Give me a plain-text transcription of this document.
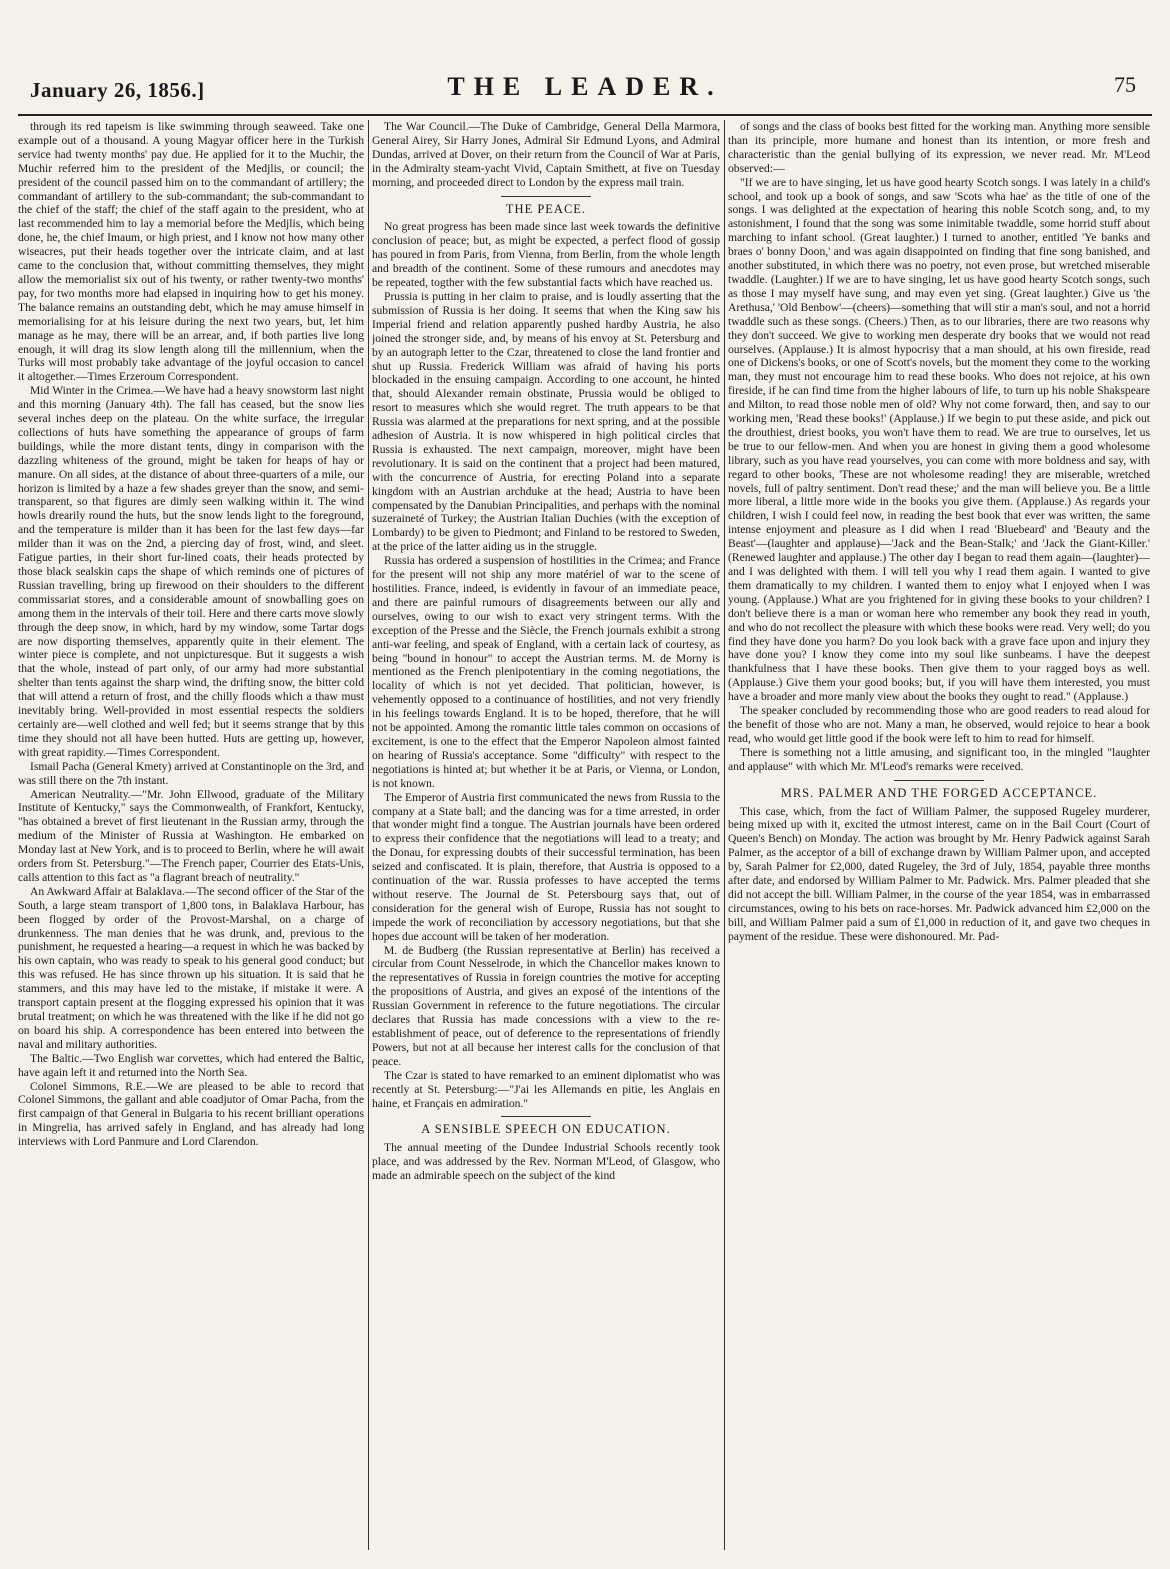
January 26, 1856.]	THE LEADER.	75

through its red tapeism is like swimming through seaweed. Take one example out of a thousand. A young Magyar officer here in the Turkish service had twenty months' pay due. He applied for it to the Muchir, the Muchir referred him to the president of the Medjlis, or council; the president of the council passed him on to the commandant of artillery; the commandant of artillery to the sub-commandant; the sub-commandant to the chief of the staff; the chief of the staff again to the president, who at last recommended him to lay a memorial before the Medjlis, which being done, he, the chief Imaum, or high priest, and I know not how many other wiseacres, put their heads together over the intricate claim, and at last came to the conclusion that, without committing themselves, they might allow the memorialist six out of his twenty, or rather twenty-two months' pay, for two months more had elapsed in inquiring how to get his money. The balance remains an outstanding debt, which he may amuse himself in memorialising for at his leisure during the next two years, but, let him manage as he may, there will be an arrear, and, if both parties live long enough, it will drag its slow length along till the millennium, when the Turks will most probably take advantage of the joyful occasion to cancel it altogether.—Times Erzeroum Correspondent.

Mid Winter in the Crimea.—We have had a heavy snowstorm last night and this morning (January 4th). The fall has ceased, but the snow lies several inches deep on the plateau. On the white surface, the irregular collections of huts have something the appearance of groups of farm buildings, while the more distant tents, dingy in comparison with the dazzling whiteness of the ground, might be taken for heaps of hay or manure. On all sides, at the distance of about three-quarters of a mile, our horizon is limited by a haze a few shades greyer than the snow, and semi-transparent, so that figures are dimly seen walking within it. The wind howls drearily round the huts, but the snow lends light to the foreground, and the temperature is milder than it has been for the last few days—far milder than it was on the 2nd, a piercing day of frost, wind, and sleet. Fatigue parties, in their short fur-lined coats, their heads protected by those black sealskin caps the shape of which reminds one of pictures of Russian travelling, bring up firewood on their shoulders to the different commissariat stores, and a considerable amount of snowballing goes on among them in the intervals of their toil. Here and there carts move slowly through the deep snow, in which, hard by my window, some Tartar dogs are now disporting themselves, apparently quite in their element. The winter piece is complete, and not unpicturesque. But it suggests a wish that the whole, instead of part only, of our army had more substantial shelter than tents against the sharp wind, the drifting snow, the bitter cold that will attend a return of frost, and the chilly floods which a thaw must inevitably bring. Well-provided in most essential respects the soldiers certainly are—well clothed and well fed; but it seems strange that by this time they should not all have been hutted. Huts are getting up, however, with great rapidity.—Times Correspondent.

Ismail Pacha (General Kmety) arrived at Constantinople on the 3rd, and was still there on the 7th instant.

American Neutrality.—"Mr. John Ellwood, graduate of the Military Institute of Kentucky," says the Commonwealth, of Frankfort, Kentucky, "has obtained a brevet of first lieutenant in the Russian army, through the medium of the Minister of Russia at Washington. He embarked on Monday last at New York, and is to proceed to Berlin, where he will await orders from St. Petersburg."—The French paper, Courrier des Etats-Unis, calls attention to this fact as "a flagrant breach of neutrality."

An Awkward Affair at Balaklava.—The second officer of the Star of the South, a large steam transport of 1,800 tons, in Balaklava Harbour, has been flogged by order of the Provost-Marshal, on a charge of drunkenness. The man denies that he was drunk, and, previous to the punishment, he requested a hearing—a request in which he was backed by his own captain, who was ready to speak to his general good conduct; but this was refused. He has since thrown up his situation. It is said that he stammers, and this may have led to the mistake, if mistake it were. A transport captain present at the flogging expressed his opinion that it was brutal treatment; on which he was threatened with the like if he did not go on board his ship. A correspondence has been entered into between the naval and military authorities.

The Baltic.—Two English war corvettes, which had entered the Baltic, have again left it and returned into the North Sea.

Colonel Simmons, R.E.—We are pleased to be able to record that Colonel Simmons, the gallant and able coadjutor of Omar Pacha, from the first campaign of that General in Bulgaria to his recent brilliant operations in Mingrelia, has arrived safely in England, and has already had long interviews with Lord Panmure and Lord Clarendon.

The War Council.—The Duke of Cambridge, General Della Marmora, General Airey, Sir Harry Jones, Admiral Sir Edmund Lyons, and Admiral Dundas, arrived at Dover, on their return from the Council of War at Paris, in the Admiralty steam-yacht Vivid, Captain Smithett, at five on Tuesday morning, and proceeded direct to London by the express mail train.

THE PEACE.

No great progress has been made since last week towards the definitive conclusion of peace; but, as might be expected, a perfect flood of gossip has poured in from Paris, from Vienna, from Berlin, from the whole length and breadth of the continent. Some of these rumours and anecdotes may be repeated, togther with the few substantial facts which have reached us.

Prussia is putting in her claim to praise, and is loudly asserting that the submission of Russia is her doing. It seems that when the King saw his Imperial friend and relation apparently pushed hardby Austria, he also joined the stronger side, and, by means of his envoy at St. Petersburg and by an autograph letter to the Czar, threatened to close the land frontier and shut up Russia. Frederick William was afraid of having his ports blockaded in the ensuing campaign. According to one account, he hinted that, should Alexander remain obstinate, Prussia would be obliged to resort to measures which she would regret. The truth appears to be that Russia was alarmed at the preparations for next spring, and at the possible adhesion of Austria. It is now whispered in high political circles that Russia is exhausted. The next campaign, moreover, might have been revolutionary. It is said on the continent that a project had been matured, with the concurrence of Austria, for erecting Poland into a separate kingdom with an Austrian archduke at the head; Austria to have been compensated by the Danubian Principalities, and perhaps with the nominal suzeraineté of Turkey; the Austrian Italian Duchies (with the exception of Lombardy) to be given to Piedmont; and Finland to be restored to Sweden, at the price of the latter aiding us in the struggle.

Russia has ordered a suspension of hostilities in the Crimea; and France for the present will not ship any more matériel of war to the scene of hostilities. France, indeed, is evidently in favour of an immediate peace, and there are painful rumours of disagreements between our ally and ourselves, owing to our wish to exact very stringent terms. With the exception of the Presse and the Siècle, the French journals exhibit a strong anti-war feeling, and speak of England, with a certain lack of courtesy, as being "bound in honour" to accept the Austrian terms. M. de Morny is mentioned as the French plenipotentiary in the coming negotiations, the locality of which is not yet decided. That politician, however, is vehemently opposed to a continuance of hostilities, and not very friendly in his feelings towards England. It is to be hoped, therefore, that he will not be appointed. Among the romantic little tales common on occasions of excitement, is one to the effect that the Emperor Napoleon almost fainted on hearing of Russia's acceptance. Some "difficulty" with respect to the negotiations is hinted at; but whether it be at Paris, or Vienna, or London, is not known.

The Emperor of Austria first communicated the news from Russia to the company at a State ball; and the dancing was for a time arrested, in order that wonder might find a tongue. The Austrian journals have been ordered to express their confidence that the negotiations will lead to a treaty; and the Donau, for expressing doubts of their successful termination, has been seized and confiscated. It is plain, therefore, that Austria is opposed to a continuation of the war. Russia professes to have accepted the terms without reserve. The Journal de St. Petersbourg says that, out of consideration for the general wish of Europe, Russia has not sought to impede the work of reconciliation by accessory negotiations, but that she hopes due account will be taken of her moderation.

M. de Budberg (the Russian representative at Berlin) has received a circular from Count Nesselrode, in which the Chancellor makes known to the representatives of Russia in foreign countries the motive for accepting the propositions of Austria, and gives an exposé of the intentions of the Russian Government in reference to the future negotiations. The circular declares that Russia has made concessions with a view to the re-establishment of peace, out of deference to the representations of friendly Powers, but not at all because her interest calls for the conclusion of that peace.

The Czar is stated to have remarked to an eminent diplomatist who was recently at St. Petersburg:—"J'ai les Allemands en pitie, les Anglais en haine, et Français en admiration."

A SENSIBLE SPEECH ON EDUCATION.

The annual meeting of the Dundee Industrial Schools recently took place, and was addressed by the Rev. Norman M'Leod, of Glasgow, who made an admirable speech on the subject of the kind

of songs and the class of books best fitted for the working man. Anything more sensible than its principle, more humane and honest than its intention, or more fresh and characteristic than the genial bullying of its expression, we never read. Mr. M'Leod observed:—

"If we are to have singing, let us have good hearty Scotch songs. I was lately in a child's school, and took up a book of songs, and saw 'Scots wha hae' as the title of one of the songs. I was delighted at the expectation of hearing this noble Scotch song, and, to my astonishment, I found that the song was some inimitable twaddle, some horrid stuff about marching to infant school. (Great laughter.) I turned to another, entitled 'Ye banks and braes o' bonny Doon,' and was again disappointed on finding that fine song banished, and another substituted, in which there was no poetry, not even prose, but wretched miserable twaddle. (Laughter.) If we are to have singing, let us have good hearty Scotch songs, such as those I may myself have sung, and may even yet sing. (Great laughter.) Give us 'the Arethusa,' 'Old Benbow'—(cheers)—something that will stir a man's soul, and not a horrid twaddle such as these songs. (Cheers.) Then, as to our libraries, there are two reasons why they don't succeed. We give to working men desperate dry books that we would not read ourselves. (Applause.) It is almost hypocrisy that a man should, at his own fireside, read one of Dickens's books, or one of Scott's novels, but the moment they come to the working man, they must not encourage him to read these books. Who does not rejoice, at his own fireside, if he can find time from the higher labours of life, to turn up his noble Shakspeare and Milton, to read those noble men of old? Why not come forward, then, and say to our working men, 'Read these books!' (Applause.) If we begin to put these aside, and pick out the drouthiest, driest books, you won't have them to read. We are true to ourselves, let us be true to our fellow-men. And when you are honest in giving them a good wholesome library, such as you have read yourselves, you can come with more boldness and say, with regard to other books, 'These are not wholesome reading! they are miserable, wretched novels, full of paltry sentiment. Don't read these;' and the man will believe you. Be a little more liberal, a little more wide in the books you give them. (Applause.) As regards your children, I wish I could feel now, in reading the best book that ever was written, the same intense enjoyment and pleasure as I did when I read 'Bluebeard' and 'Beauty and the Beast'—(laughter and applause)—'Jack and the Bean-Stalk;' and 'Jack the Giant-Killer.' (Renewed laughter and applause.) The other day I began to read them again—(laughter)—and I was delighted with them. I will tell you why I read them again. I wanted to give them dramatically to my children. I wanted them to enjoy what I enjoyed when I was young. (Applause.) What are you frightened for in giving these books to your children? I don't believe there is a man or woman here who remember any book they read in youth, and who do not recollect the pleasure with which these books were read. Very well; do you find they have done you harm? Do you look back with a grave face upon and injury they have done you? I know they come into my soul like sunbeams. I have the deepest thankfulness that I have these books. Then give them to your ragged boys as well. (Applause.) Give them your good books; but, if you will have them interested, you must have a broader and more manly view about the books they ought to read." (Applause.)

The speaker concluded by recommending those who are good readers to read aloud for the benefit of those who are not. Many a man, he observed, would rejoice to hear a book read, who would get little good if the book were left to him to read for himself.

There is something not a little amusing, and significant too, in the mingled "laughter and applause" with which Mr. M'Leod's remarks were received.

MRS. PALMER AND THE FORGED ACCEPTANCE.

This case, which, from the fact of William Palmer, the supposed Rugeley murderer, being mixed up with it, excited the utmost interest, came on in the Bail Court (Court of Queen's Bench) on Monday. The action was brought by Mr. Henry Padwick against Sarah Palmer, as the acceptor of a bill of exchange drawn by William Palmer upon, and accepted by, Sarah Palmer for £2,000, dated Rugeley, the 3rd of July, 1854, payable three months after date, and endorsed by William Palmer to Mr. Padwick. Mrs. Palmer pleaded that she did not accept the bill. William Palmer, in the course of the year 1854, was in embarrassed circumstances, owing to his bets on race-horses. Mr. Padwick advanced him £2,000 on the bill, and William Palmer paid a sum of £1,000 in reduction of it, and gave two cheques in payment of the residue. These were dishonoured. Mr. Pad-
